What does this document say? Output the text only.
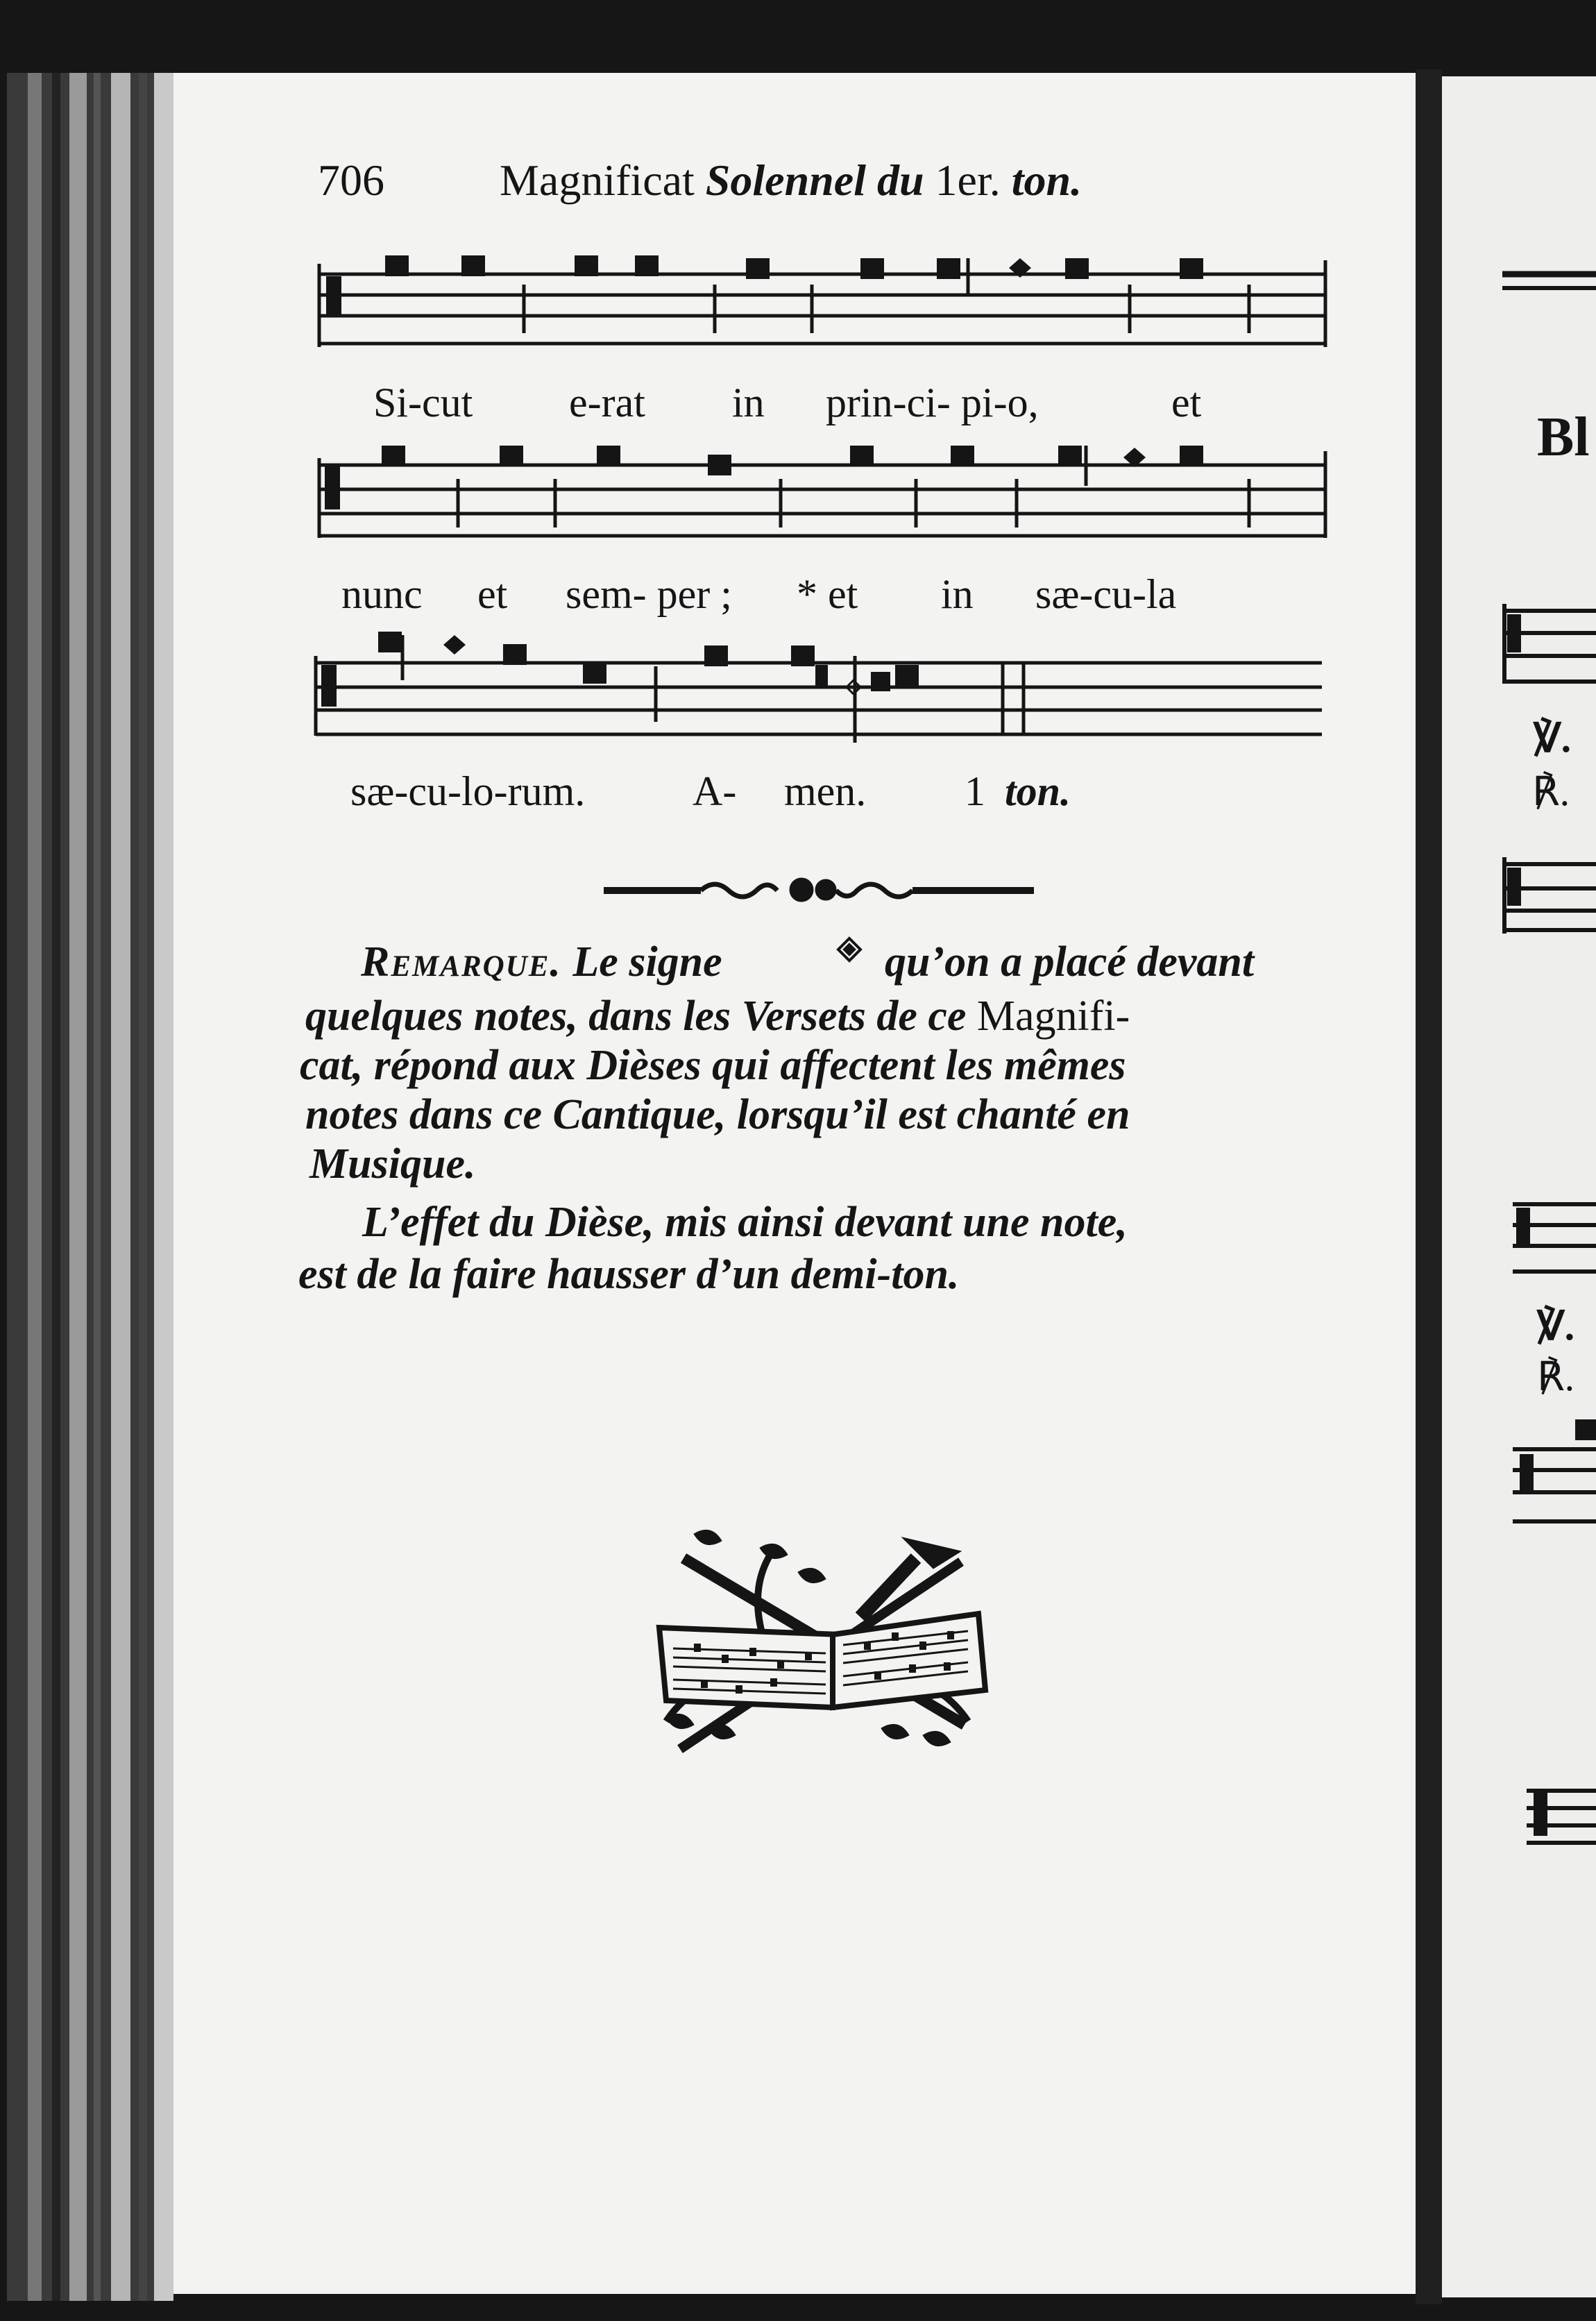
706	Magnificat Solennel du 1er. ton.
Si-cut e-rat in prin-ci- pi-o,	et
nunc et sem- per ; * et in sæ-cu-la
sæ-cu-lo-rum.	A- men. 1 ton.
Remarque. Le signe	qu’on a placé devant
quelques notes, dans les Versets de ce Magnifi-
cat, répond aux Dièses qui affectent les mêmes
notes dans ce Cantique, lorsqu’il est chanté en
Musique.
L’effet du Dièse, mis ainsi devant une note,
est de la faire hausser d’un demi-ton.
Bl
℣.
℟.
℣.
℟.
